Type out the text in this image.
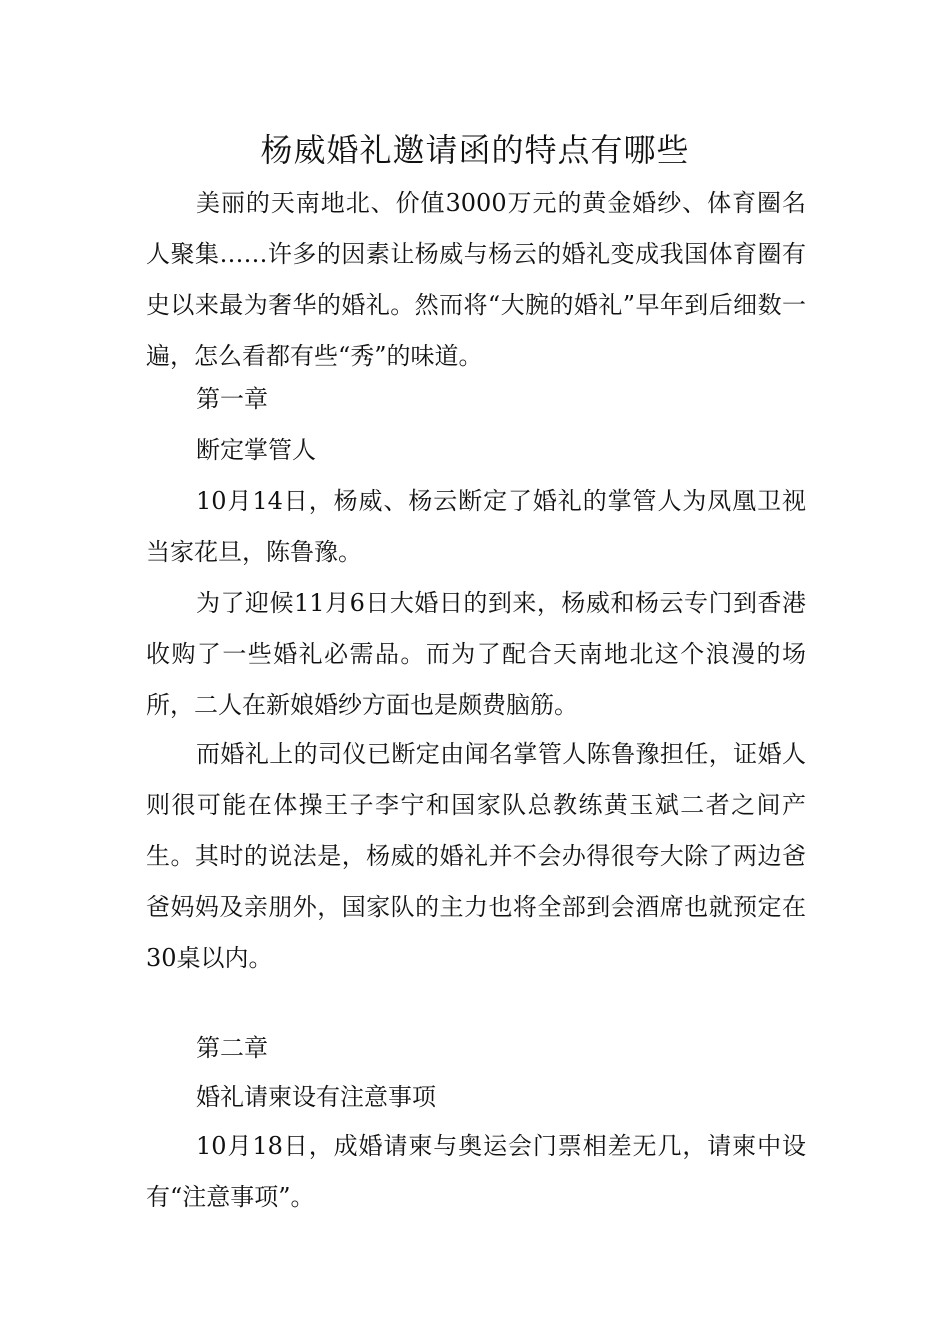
杨威婚礼邀请函的特点有哪些

美丽的天南地北、价值3000万元的黄金婚纱、体育圈名人聚集……许多的因素让杨威与杨云的婚礼变成我国体育圈有史以来最为奢华的婚礼。然而将“大腕的婚礼”早年到后细数一遍，怎么看都有些“秀”的味道。

第一章

断定掌管人

10月14日，杨威、杨云断定了婚礼的掌管人为凤凰卫视当家花旦，陈鲁豫。

为了迎候11月6日大婚日的到来，杨威和杨云专门到香港收购了一些婚礼必需品。而为了配合天南地北这个浪漫的场所，二人在新娘婚纱方面也是颇费脑筋。

而婚礼上的司仪已断定由闻名掌管人陈鲁豫担任，证婚人则很可能在体操王子李宁和国家队总教练黄玉斌二者之间产生。其时的说法是，杨威的婚礼并不会办得很夸大除了两边爸爸妈妈及亲朋外，国家队的主力也将全部到会酒席也就预定在30桌以内。

第二章

婚礼请柬设有注意事项

10月18日，成婚请柬与奥运会门票相差无几，请柬中设有“注意事项”。
